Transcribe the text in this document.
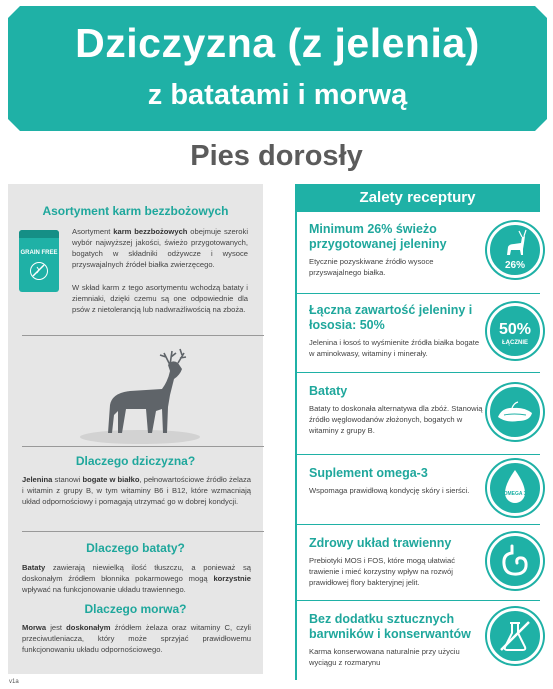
Dziczyzna (z jelenia)
z batatami i morwą
Pies dorosły
Asortyment karm bezzbożowych
GRAIN FREE
Asortyment karm bezzbożowych obejmuje szeroki wybór najwyższej jakości, świeżo przygotowanych, bogatych w składniki odżywcze i wysoce przyswajalnych źródeł białka zwierzęcego.
W skład karm z tego asortymentu wchodzą bataty i ziemniaki, dzięki czemu są one odpowiednie dla psów z nietolerancją lub nadwrażliwością na zboża.
Dlaczego dziczyzna?
Jelenina stanowi bogate w białko, pełnowartościowe źródło żelaza i witamin z grupy B, w tym witaminy B6 i B12, które wzmacniają układ odpornościowy i pomagają utrzymać go w dobrej kondycji.
Dlaczego bataty?
Bataty zawierają niewielką ilość tłuszczu, a ponieważ są doskonałym źródłem błonnika pokarmowego mogą korzystnie wpływać na funkcjonowanie układu trawiennego.
Dlaczego morwa?
Morwa jest doskonałym źródłem żelaza oraz witaminy C, czyli przeciwutleniacza, który może sprzyjać prawidłowemu funkcjonowaniu układu odpornościowego.
Zalety receptury
Minimum 26% świeżo przygotowanej jeleniny
Etycznie pozyskiwane źródło wysoce przyswajalnego białka.
26%
Łączna zawartość jeleniny i łososia: 50%
Jelenina i łosoś to wyśmienite źródła białka bogate w aminokwasy, witaminy i minerały.
50%
ŁĄCZNIE
Bataty
Bataty to doskonała alternatywa dla zbóż. Stanowią źródło węglowodanów złożonych, bogatych w witaminy z grupy B.
Suplement omega-3
Wspomaga prawidłową kondycję skóry i sierści.	OMEGA 3
Zdrowy układ trawienny
Prebiotyki MOS i FOS, które mogą ułatwiać trawienie i mieć korzystny wpływ na rozwój prawidłowej flory bakteryjnej jelit.
Bez dodatku sztucznych barwników i konserwantów
Karma konserwowana naturalnie przy użyciu wyciągu z rozmarynu
v1a
